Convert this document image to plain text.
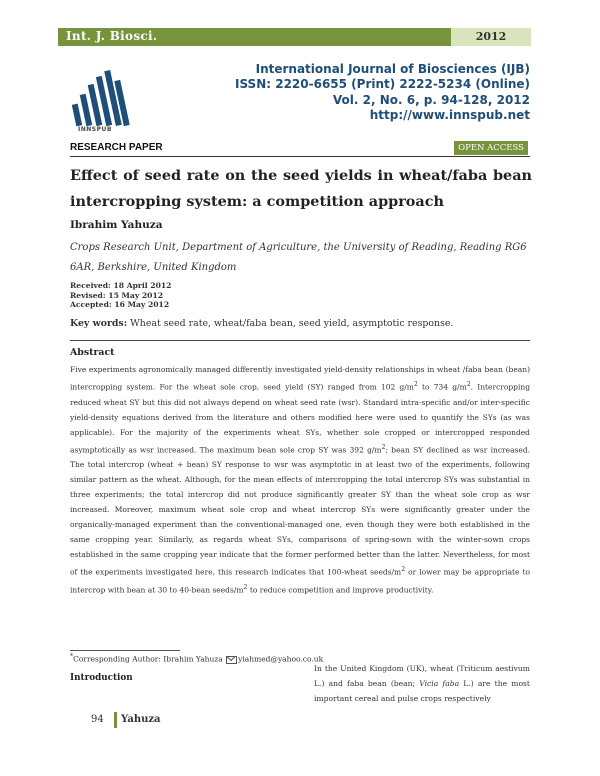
Int. J. Biosci.	2012
INNSPUB
International Journal of Biosciences (IJB)
ISSN: 2220-6655 (Print) 2222-5234 (Online)
Vol. 2, No. 6, p. 94-128, 2012
http://www.innspub.net
RESEARCH PAPER	OPEN ACCESS
Effect of seed rate on the seed yields in wheat/faba bean intercropping system: a competition approach
Ibrahim Yahuza
Crops Research Unit, Department of Agriculture, the University of Reading, Reading RG6 6AR, Berkshire, United Kingdom
Received: 18 April 2012
Revised: 15 May 2012
Accepted: 16 May 2012
Key words: Wheat seed rate, wheat/faba bean, seed yield, asymptotic response.
Abstract
Five experiments agronomically managed differently investigated yield-density relationships in wheat /faba bean (bean) intercropping system. For the wheat sole crop, seed yield (SY) ranged from 102 $g/m^2$ to 734 $g/m^2$. Intercropping reduced wheat SY but this did not always depend on wheat seed rate (wsr). Standard intra-specific and/or inter-specific yield-density equations derived from the literature and others modified here were used to quantify the SYs (as was applicable). For the majority of the experiments wheat SYs, whether sole cropped or intercropped responded asymptotically as wsr increased. The maximum bean sole crop SY was 392 $g/m^2$; bean SY declined as wsr increased. The total intercrop (wheat + bean) SY response to wsr was asymptotic in at least two of the experiments, following similar pattern as the wheat. Although, for the mean effects of intercropping the total intercrop SYs was substantial in three experiments; the total intercrop did not produce significantly greater SY than the wheat sole crop as wsr increased. Moreover, maximum wheat sole crop and wheat intercrop SYs were significantly greater under the organically-managed experiment than the conventional-managed one, even though they were both established in the same cropping year. Similarly, as regards wheat SYs, comparisons of spring-sown with the winter-sown crops established in the same cropping year indicate that the former performed better than the latter. Nevertheless, for most of the experiments investigated here, this research indicates that 100-wheat seeds/$m^2$ or lower may be appropriate to intercrop with bean at 30 to 40-bean seeds/$m^2$ to reduce competition and improve productivity.
*Corresponding Author: Ibrahim Yahuza yiahmed@yahoo.co.uk
Introduction
In the United Kingdom (UK), wheat (Triticum aestivum L.) and faba bean (bean; Vicia faba L.) are the most important cereal and pulse crops respectively
94 Yahuza
